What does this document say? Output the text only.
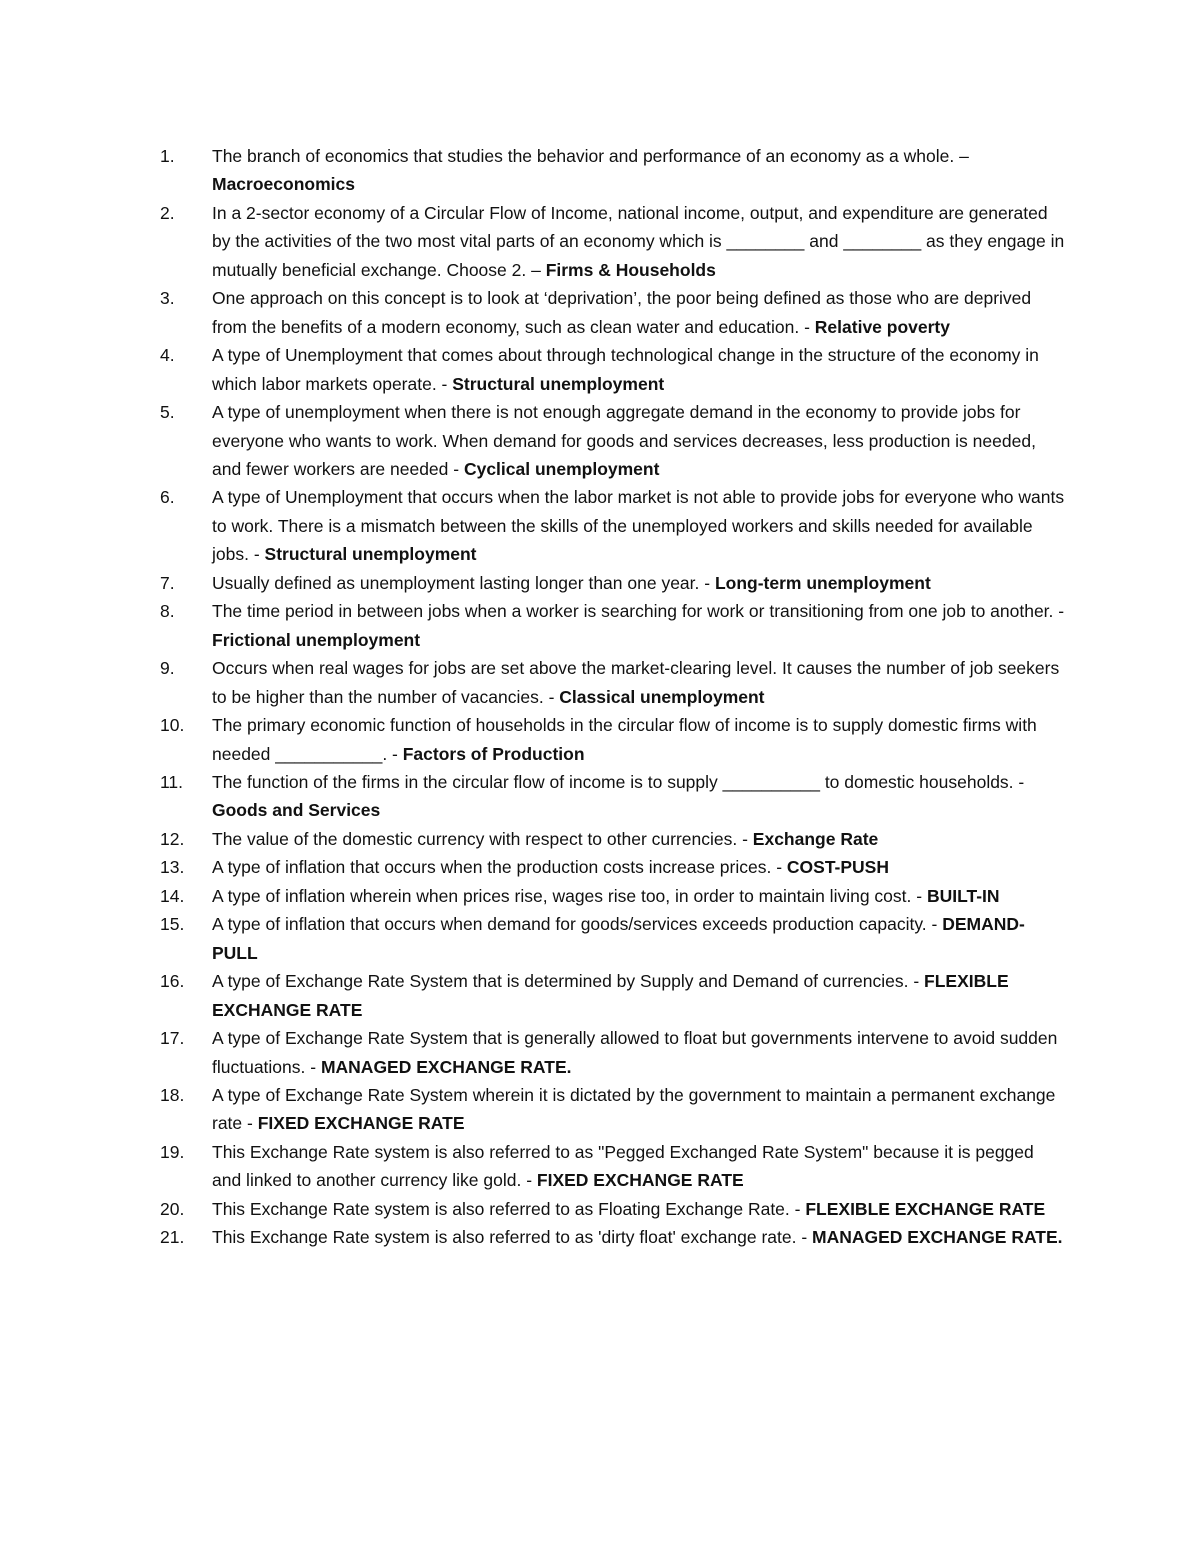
1.	The branch of economics that studies the behavior and performance of an economy as a whole. – Macroeconomics
2.	In a 2-sector economy of a Circular Flow of Income, national income, output, and expenditure are generated by the activities of the two most vital parts of an economy which is ________ and ________ as they engage in mutually beneficial exchange. Choose 2. – Firms & Households
3.	One approach on this concept is to look at ‘deprivation’, the poor being defined as those who are deprived from the benefits of a modern economy, such as clean water and education. - Relative poverty
4.	A type of Unemployment that comes about through technological change in the structure of the economy in which labor markets operate. - Structural unemployment
5.	A type of unemployment when there is not enough aggregate demand in the economy to provide jobs for everyone who wants to work. When demand for goods and services decreases, less production is needed, and fewer workers are needed - Cyclical unemployment
6.	A type of Unemployment that occurs when the labor market is not able to provide jobs for everyone who wants to work. There is a mismatch between the skills of the unemployed workers and skills needed for available jobs. - Structural unemployment
7.	Usually defined as unemployment lasting longer than one year. - Long-term unemployment
8.	The time period in between jobs when a worker is searching for work or transitioning from one job to another. - Frictional unemployment
9.	Occurs when real wages for jobs are set above the market-clearing level. It causes the number of job seekers to be higher than the number of vacancies. - Classical unemployment
10.	The primary economic function of households in the circular flow of income is to supply domestic firms with needed ___________. - Factors of Production
11.	The function of the firms in the circular flow of income is to supply __________ to domestic households. - Goods and Services
12.	The value of the domestic currency with respect to other currencies. - Exchange Rate
13.	A type of inflation that occurs when the production costs increase prices. - COST-PUSH
14.	A type of inflation wherein when prices rise, wages rise too, in order to maintain living cost. - BUILT-IN
15.	A type of inflation that occurs when demand for goods/services exceeds production capacity. - DEMAND-PULL
16.	A type of Exchange Rate System that is determined by Supply and Demand of currencies. - FLEXIBLE EXCHANGE RATE
17.	A type of Exchange Rate System that is generally allowed to float but governments intervene to avoid sudden fluctuations. - MANAGED EXCHANGE RATE.
18.	A type of Exchange Rate System wherein it is dictated by the government to maintain a permanent exchange rate - FIXED EXCHANGE RATE
19.	This Exchange Rate system is also referred to as "Pegged Exchanged Rate System" because it is pegged and linked to another currency like gold. - FIXED EXCHANGE RATE
20.	This Exchange Rate system is also referred to as Floating Exchange Rate. - FLEXIBLE EXCHANGE RATE
21.	This Exchange Rate system is also referred to as 'dirty float' exchange rate. - MANAGED EXCHANGE RATE.
